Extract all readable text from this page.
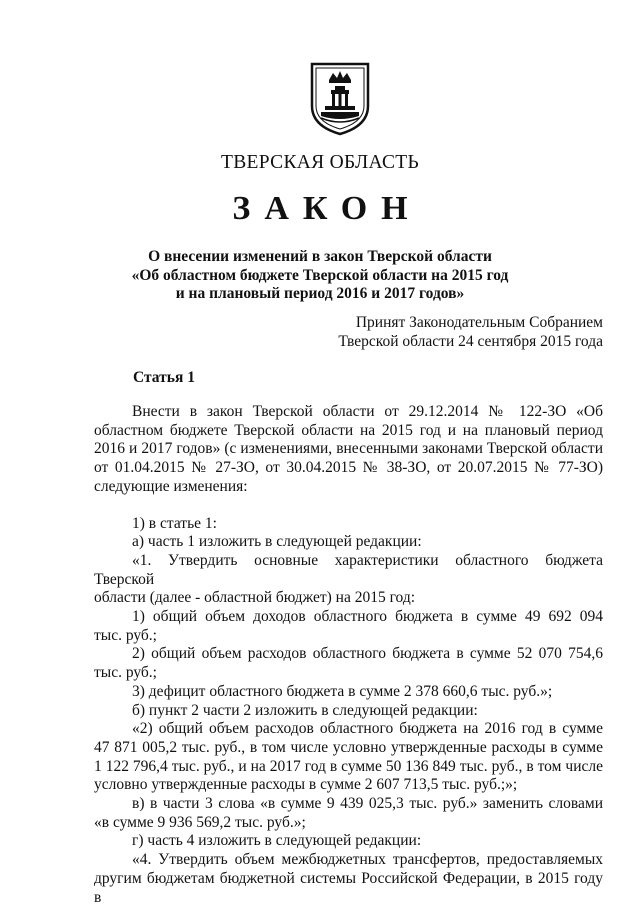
ТВЕРСКАЯ ОБЛАСТЬ
ЗАКОН
О внесении изменений в закон Тверской области
«Об областном бюджете Тверской области на 2015 год
и на плановый период 2016 и 2017 годов»
Принят Законодательным Собранием
Тверской области 24 сентября 2015 года
Статья 1

Внести в закон Тверской области от 29.12.2014 № 122-ЗО «Об

областном бюджете Тверской области на 2015 год и на плановый период

2016 и 2017 годов» (с изменениями, внесенными законами Тверской области

от 01.04.2015 № 27-ЗО, от 30.04.2015 № 38-ЗО, от 20.07.2015 № 77-ЗО)

следующие изменения:

1) в статье 1:

а) часть 1 изложить в следующей редакции:

«1. Утвердить основные характеристики областного бюджета Тверской

области (далее - областной бюджет) на 2015 год:

1) общий объем доходов областного бюджета в сумме 49 692 094

тыс. руб.;

2) общий объем расходов областного бюджета в сумме 52 070 754,6

тыс. руб.;

3) дефицит областного бюджета в сумме 2 378 660,6 тыс. руб.»;

б) пункт 2 части 2 изложить в следующей редакции:

«2) общий объем расходов областного бюджета на 2016 год в сумме

47 871 005,2 тыс. руб., в том числе условно утвержденные расходы в сумме

1 122 796,4 тыс. руб., и на 2017 год в сумме 50 136 849 тыс. руб., в том числе

условно утвержденные расходы в сумме 2 607 713,5 тыс. руб.;»;

в) в части 3 слова «в сумме 9 439 025,3 тыс. руб.» заменить словами

«в сумме 9 936 569,2 тыс. руб.»;

г) часть 4 изложить в следующей редакции:

«4. Утвердить объем межбюджетных трансфертов, предоставляемых

другим бюджетам бюджетной системы Российской Федерации, в 2015 году в
